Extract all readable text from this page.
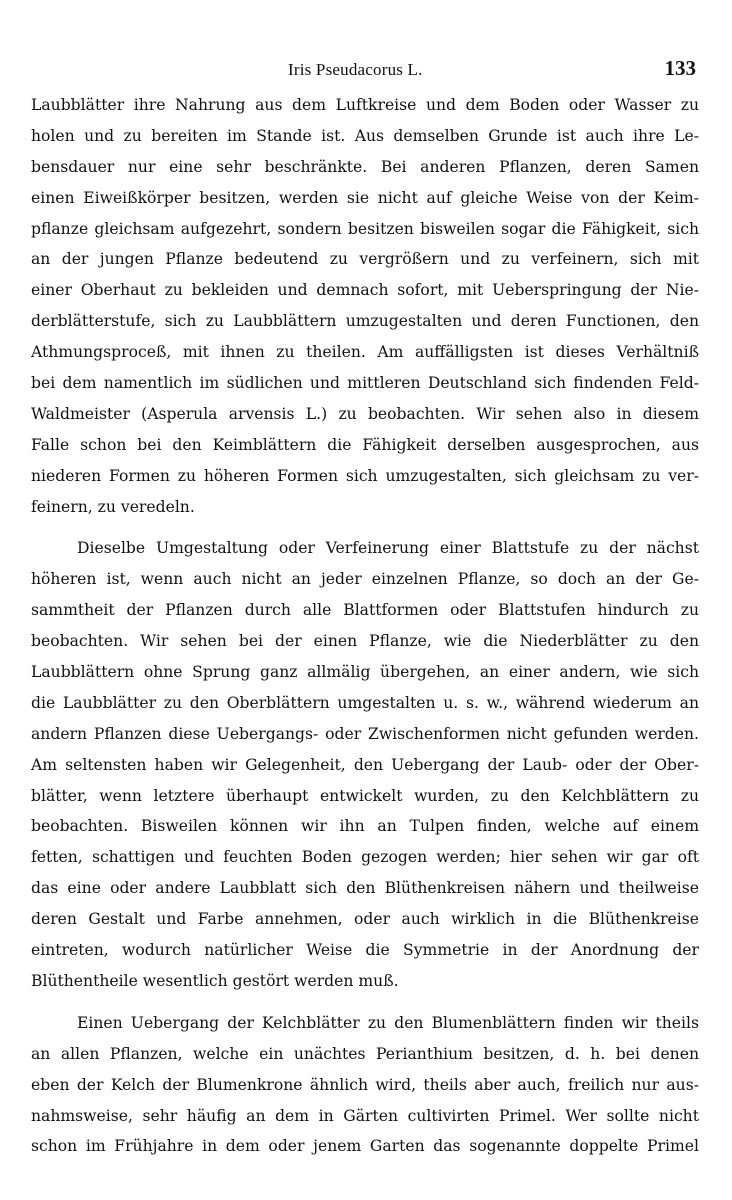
Iris Pseudacorus L.	133
Laubblätter ihre Nahrung aus dem Luftkreise und dem Boden oder Wasser zu
holen und zu bereiten im Stande ist. Aus demselben Grunde ist auch ihre Le-
bensdauer nur eine sehr beschränkte. Bei anderen Pflanzen, deren Samen
einen Eiweißkörper besitzen, werden sie nicht auf gleiche Weise von der Keim-
pflanze gleichsam aufgezehrt, sondern besitzen bisweilen sogar die Fähigkeit, sich
an der jungen Pflanze bedeutend zu vergrößern und zu verfeinern, sich mit
einer Oberhaut zu bekleiden und demnach sofort, mit Ueberspringung der Nie-
derblätterstufe, sich zu Laubblättern umzugestalten und deren Functionen, den
Athmungsproceß, mit ihnen zu theilen. Am auffälligsten ist dieses Verhältniß
bei dem namentlich im südlichen und mittleren Deutschland sich findenden Feld-
Waldmeister (Asperula arvensis L.) zu beobachten. Wir sehen also in diesem
Falle schon bei den Keimblättern die Fähigkeit derselben ausgesprochen, aus
niederen Formen zu höheren Formen sich umzugestalten, sich gleichsam zu ver-
feinern, zu veredeln.
Dieselbe Umgestaltung oder Verfeinerung einer Blattstufe zu der nächst
höheren ist, wenn auch nicht an jeder einzelnen Pflanze, so doch an der Ge-
sammtheit der Pflanzen durch alle Blattformen oder Blattstufen hindurch zu
beobachten. Wir sehen bei der einen Pflanze, wie die Niederblätter zu den
Laubblättern ohne Sprung ganz allmälig übergehen, an einer andern, wie sich
die Laubblätter zu den Oberblättern umgestalten u. s. w., während wiederum an
andern Pflanzen diese Uebergangs- oder Zwischenformen nicht gefunden werden.
Am seltensten haben wir Gelegenheit, den Uebergang der Laub- oder der Ober-
blätter, wenn letztere überhaupt entwickelt wurden, zu den Kelchblättern zu
beobachten. Bisweilen können wir ihn an Tulpen finden, welche auf einem
fetten, schattigen und feuchten Boden gezogen werden; hier sehen wir gar oft
das eine oder andere Laubblatt sich den Blüthenkreisen nähern und theilweise
deren Gestalt und Farbe annehmen, oder auch wirklich in die Blüthenkreise
eintreten, wodurch natürlicher Weise die Symmetrie in der Anordnung der
Blüthentheile wesentlich gestört werden muß.
Einen Uebergang der Kelchblätter zu den Blumenblättern finden wir theils
an allen Pflanzen, welche ein unächtes Perianthium besitzen, d. h. bei denen
eben der Kelch der Blumenkrone ähnlich wird, theils aber auch, freilich nur aus-
nahmsweise, sehr häufig an dem in Gärten cultivirten Primel. Wer sollte nicht
schon im Frühjahre in dem oder jenem Garten das sogenannte doppelte Primel
